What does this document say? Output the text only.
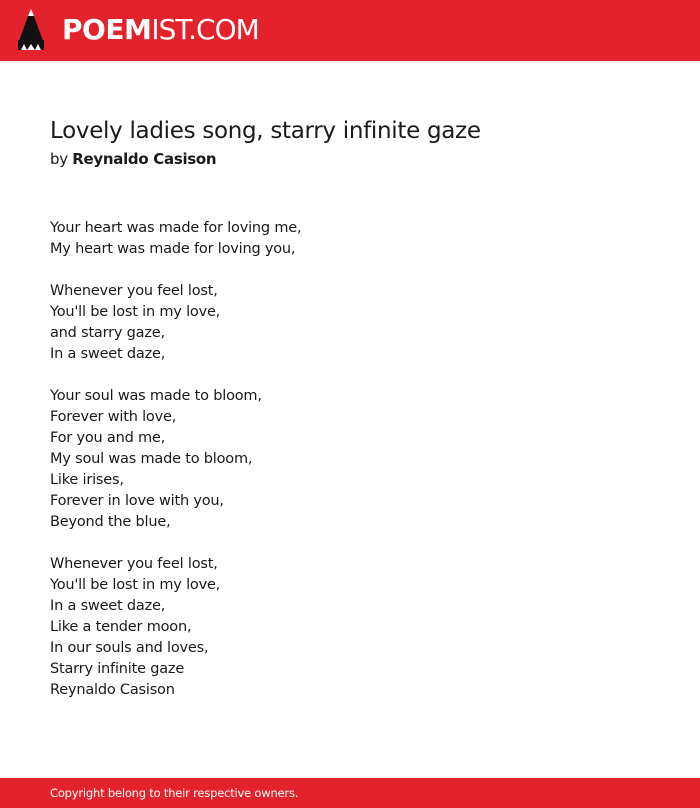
POEMIST.COM
Lovely ladies song, starry infinite gaze
by Reynaldo Casison
Your heart was made for loving me,
My heart was made for loving you,
Whenever you feel lost,
You'll be lost in my love,
and starry gaze,
In a sweet daze,
Your soul was made to bloom,
Forever with love,
For you and me,
My soul was made to bloom,
Like irises,
Forever in love with you,
Beyond the blue,
Whenever you feel lost,
You'll be lost in my love,
In a sweet daze,
Like a tender moon,
In our souls and loves,
Starry infinite gaze
Reynaldo Casison
Copyright belong to their respective owners.
